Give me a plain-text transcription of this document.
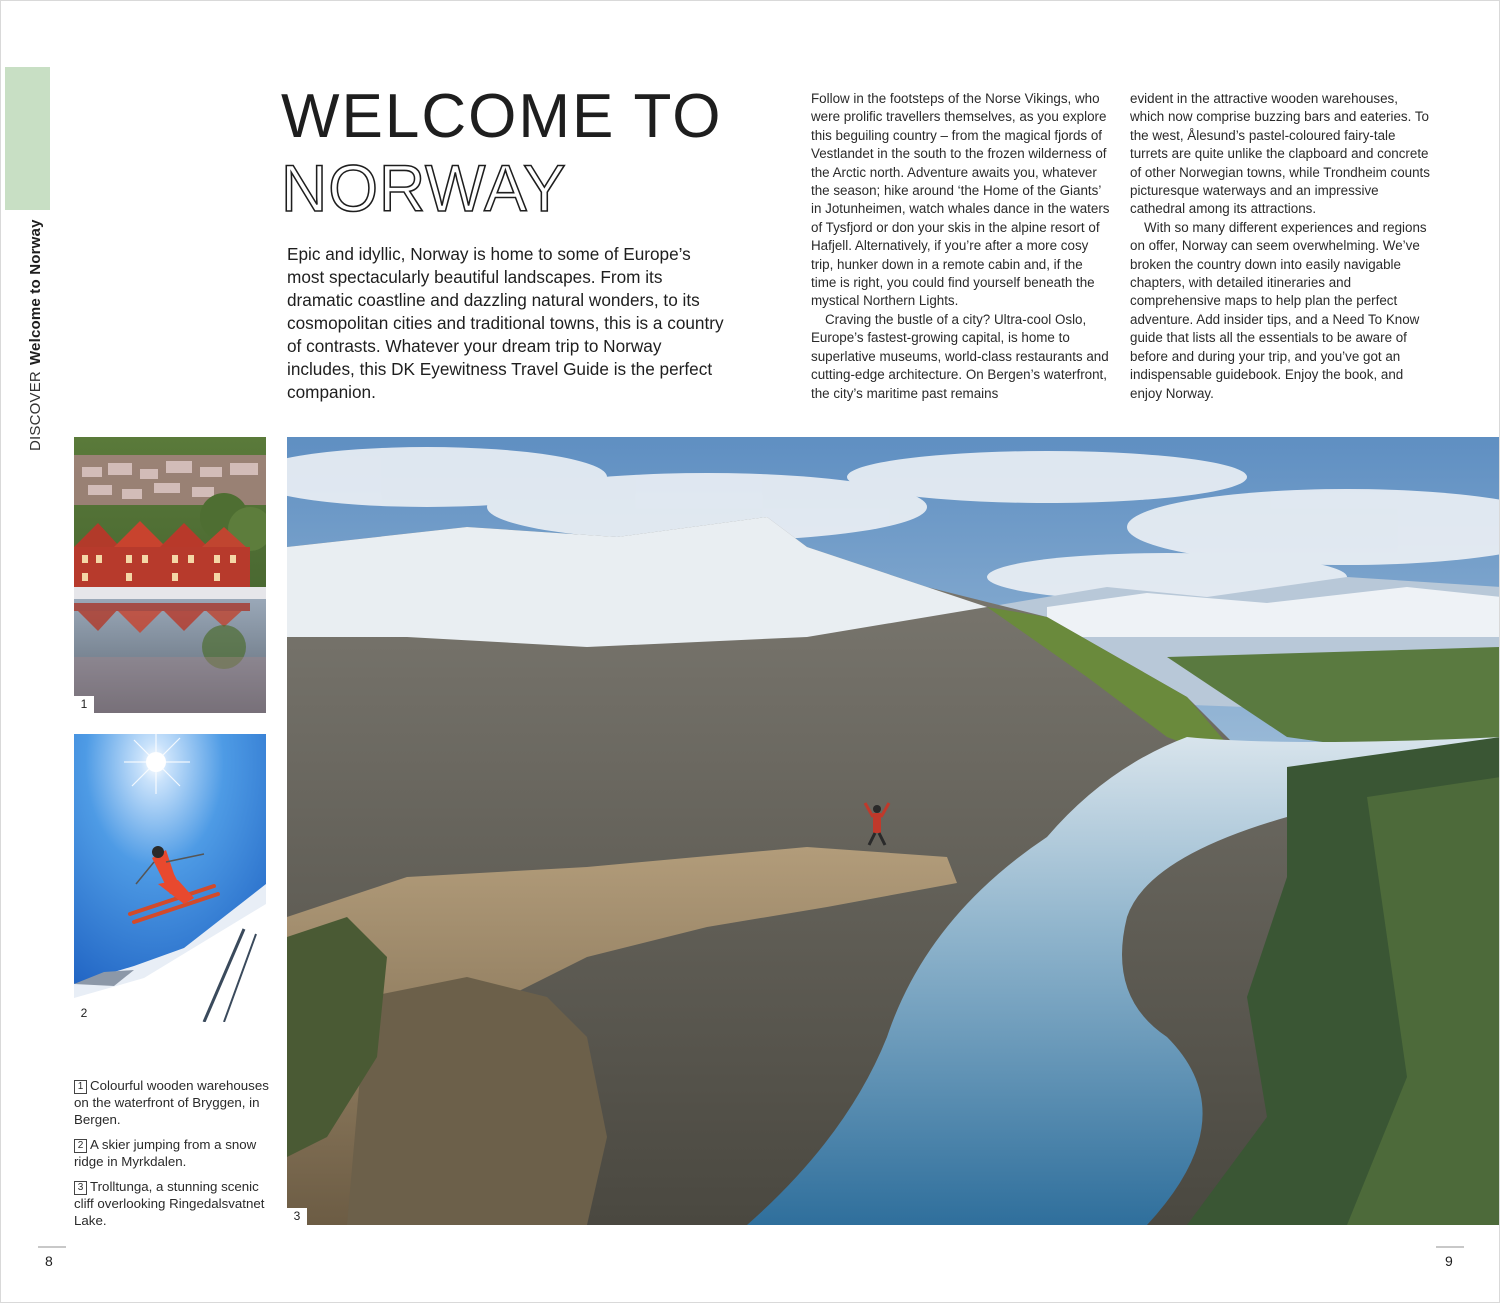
DISCOVERWelcome to Norway
WELCOME TO
NORWAY

Epic and idyllic, Norway is home to some of Europe’s most spectacularly beautiful landscapes. From its dramatic coastline and dazzling natural wonders, to its cosmopolitan cities and traditional towns, this is a country of contrasts. Whatever your dream trip to Norway includes, this DK Eyewitness Travel Guide is the perfect companion.

Follow in the footsteps of the Norse Vikings, who were prolific travellers themselves, as you explore this beguiling country – from the magical fjords of Vestlandet in the south to the frozen wilderness of the Arctic north. Adventure awaits you, whatever the season; hike around ‘the Home of the Giants’ in Jotunheimen, watch whales dance in the waters of Tysfjord or don your skis in the alpine resort of Hafjell. Alternatively, if you’re after a more cosy trip, hunker down in a remote cabin and, if the time is right, you could find yourself beneath the mystical Northern Lights.

Craving the bustle of a city? Ultra-cool Oslo, Europe’s fastest-growing capital, is home to superlative museums, world-class restaurants and cutting-edge architecture. On Bergen’s waterfront, the city’s maritime past remains

evident in the attractive wooden warehouses, which now comprise buzzing bars and eateries. To the west, Ålesund’s pastel-coloured fairy-tale turrets are quite unlike the clapboard and concrete of other Norwegian towns, while Trondheim counts picturesque waterways and an impressive cathedral among its attractions.

With so many different experiences and regions on offer, Norway can seem overwhelming. We’ve broken the country down into easily navigable chapters, with detailed itineraries and comprehensive maps to help plan the perfect adventure. Add insider tips, and a Need To Know guide that lists all the essentials to be aware of before and during your trip, and you’ve got an indispensable guidebook. Enjoy the book, and enjoy Norway.

1
2
3
1 Colourful wooden warehouses on the waterfront of Bryggen, in Bergen.
2 A skier jumping from a snow ridge in Myrkdalen.
3 Trolltunga, a stunning scenic cliff overlooking Ringedalsvatnet Lake.
8	9
